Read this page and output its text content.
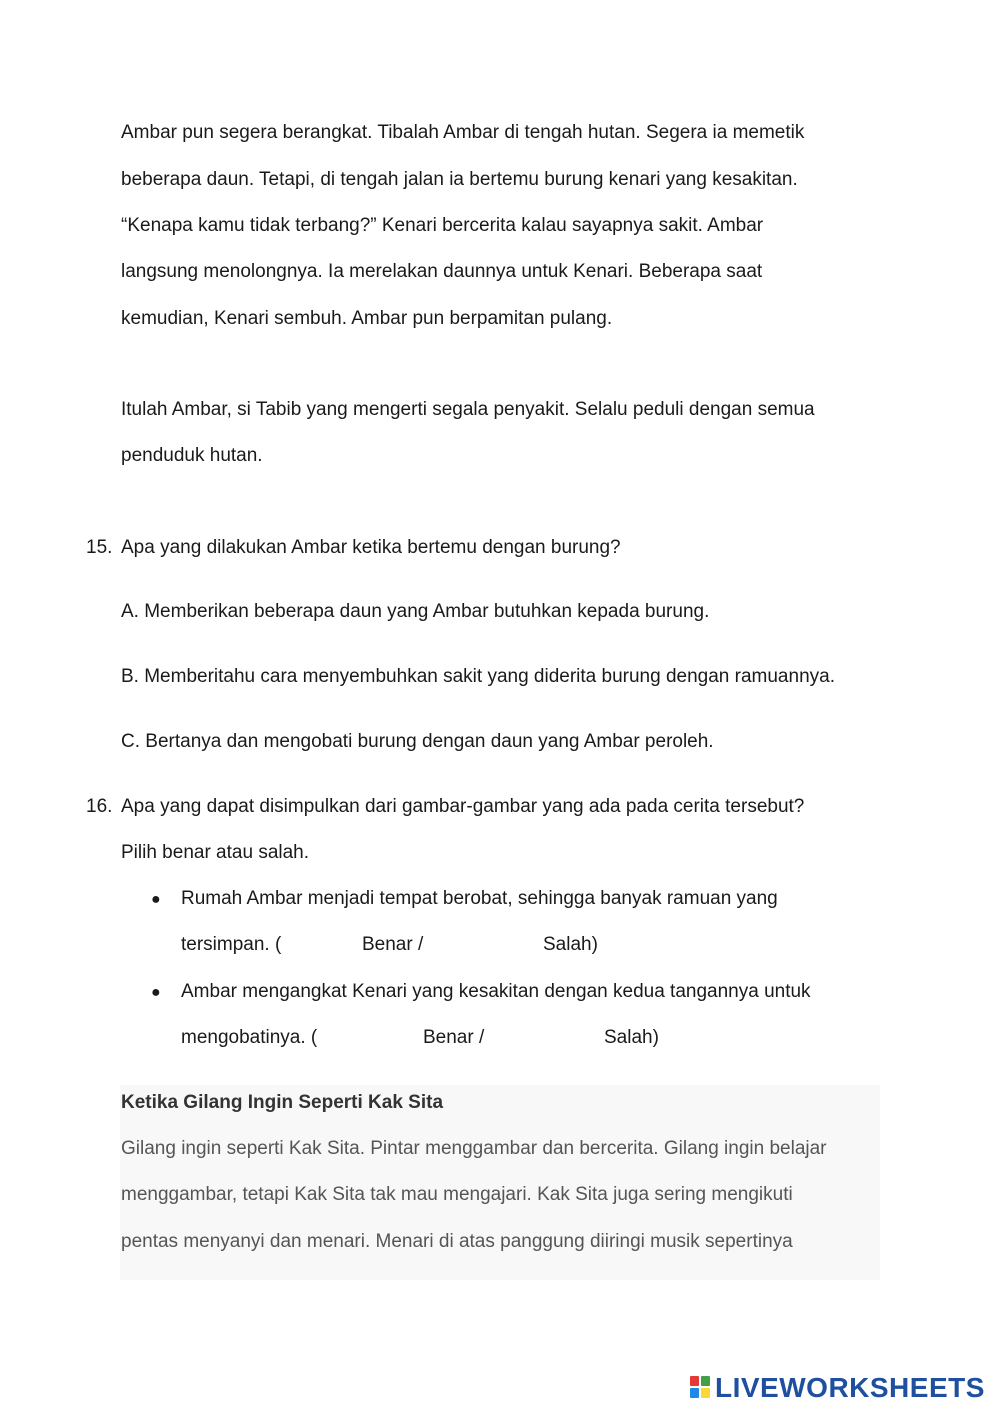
Ambar pun segera berangkat. Tibalah Ambar di tengah hutan. Segera ia memetik
beberapa daun. Tetapi, di tengah jalan ia bertemu burung kenari yang kesakitan.
“Kenapa kamu tidak terbang?” Kenari bercerita kalau sayapnya sakit. Ambar
langsung menolongnya. Ia merelakan daunnya untuk Kenari. Beberapa saat
kemudian, Kenari sembuh. Ambar pun berpamitan pulang.
Itulah Ambar, si Tabib yang mengerti segala penyakit. Selalu peduli dengan semua
penduduk hutan.
15. Apa yang dilakukan Ambar ketika bertemu dengan burung?
A. Memberikan beberapa daun yang Ambar butuhkan kepada burung.
B. Memberitahu cara menyembuhkan sakit yang diderita burung dengan ramuannya.
C. Bertanya dan mengobati burung dengan daun yang Ambar peroleh.
16. Apa yang dapat disimpulkan dari gambar-gambar yang ada pada cerita tersebut?
Pilih benar atau salah.
● Rumah Ambar menjadi tempat berobat, sehingga banyak ramuan yang
tersimpan. (	Benar /	Salah)
● Ambar mengangkat Kenari yang kesakitan dengan kedua tangannya untuk
mengobatinya. (	Benar /	Salah)
Ketika Gilang Ingin Seperti Kak Sita
Gilang ingin seperti Kak Sita. Pintar menggambar dan bercerita. Gilang ingin belajar
menggambar, tetapi Kak Sita tak mau mengajari. Kak Sita juga sering mengikuti
pentas menyanyi dan menari. Menari di atas panggung diiringi musik sepertinya
LIVEWORKSHEETS
